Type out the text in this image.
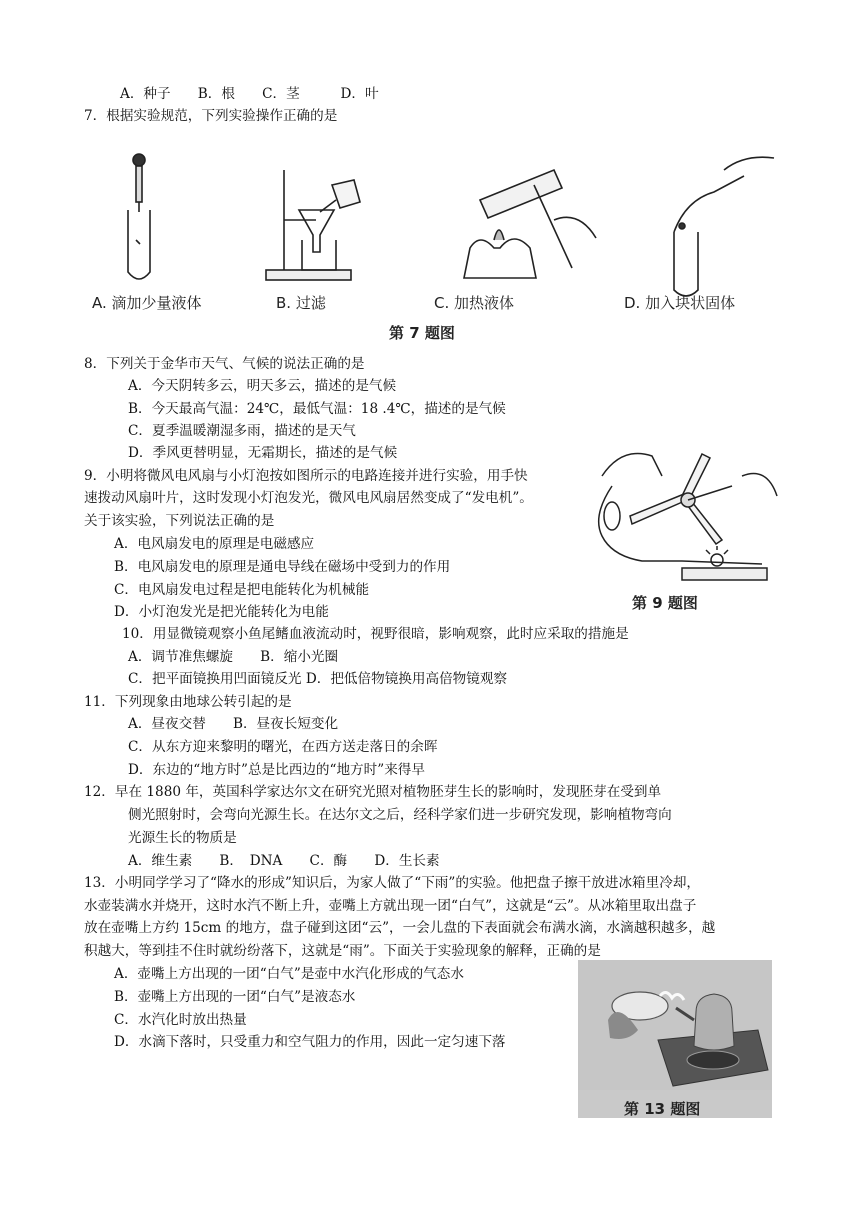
A．种子　　B．根　　C．茎　　　D．叶
7．根据实验规范，下列实验操作正确的是
A. 滴加少量液体	B. 过滤	C. 加热液体	D. 加入块状固体
第 7 题图
8．下列关于金华市天气、气候的说法正确的是
A．今天阴转多云，明天多云，描述的是气候
B．今天最高气温：24℃，最低气温：18 .4℃，描述的是气候
C．夏季温暖潮湿多雨，描述的是天气
D．季风更替明显，无霜期长，描述的是气候
9．小明将微风电风扇与小灯泡按如图所示的电路连接并进行实验，用手快
速拨动风扇叶片，这时发现小灯泡发光，微风电风扇居然变成了“发电机”。
关于该实验，下列说法正确的是
A．电风扇发电的原理是电磁感应
B．电风扇发电的原理是通电导线在磁场中受到力的作用
C．电风扇发电过程是把电能转化为机械能
D．小灯泡发光是把光能转化为电能	第 9 题图
10．用显微镜观察小鱼尾鳍血液流动时，视野很暗，影响观察，此时应采取的措施是
A．调节准焦螺旋　　B．缩小光圈
C．把平面镜换用凹面镜反光 D．把低倍物镜换用高倍物镜观察
11．下列现象由地球公转引起的是
A．昼夜交替　　B．昼夜长短变化
C．从东方迎来黎明的曙光，在西方送走落日的余晖
D．东边的“地方时”总是比西边的“地方时”来得早
12．早在 1880 年，英国科学家达尔文在研究光照对植物胚芽生长的影响时，发现胚芽在受到单
侧光照射时，会弯向光源生长。在达尔文之后，经科学家们进一步研究发现，影响植物弯向
光源生长的物质是
A．维生素　　B．　DNA　　C．酶　　D．生长素
13．小明同学学习了“降水的形成”知识后，为家人做了“下雨”的实验。他把盘子擦干放进冰箱里冷却，
水壶装满水并烧开，这时水汽不断上升，壶嘴上方就出现一团“白气”，这就是“云”。从冰箱里取出盘子
放在壶嘴上方约 15cm 的地方，盘子碰到这团“云”，一会儿盘的下表面就会布满水滴，水滴越积越多，越
积越大，等到挂不住时就纷纷落下，这就是“雨”。下面关于实验现象的解释，正确的是
A．壶嘴上方出现的一团“白气”是壶中水汽化形成的气态水
B．壶嘴上方出现的一团“白气”是液态水
C．水汽化时放出热量
D．水滴下落时，只受重力和空气阻力的作用，因此一定匀速下落
第 13 题图
